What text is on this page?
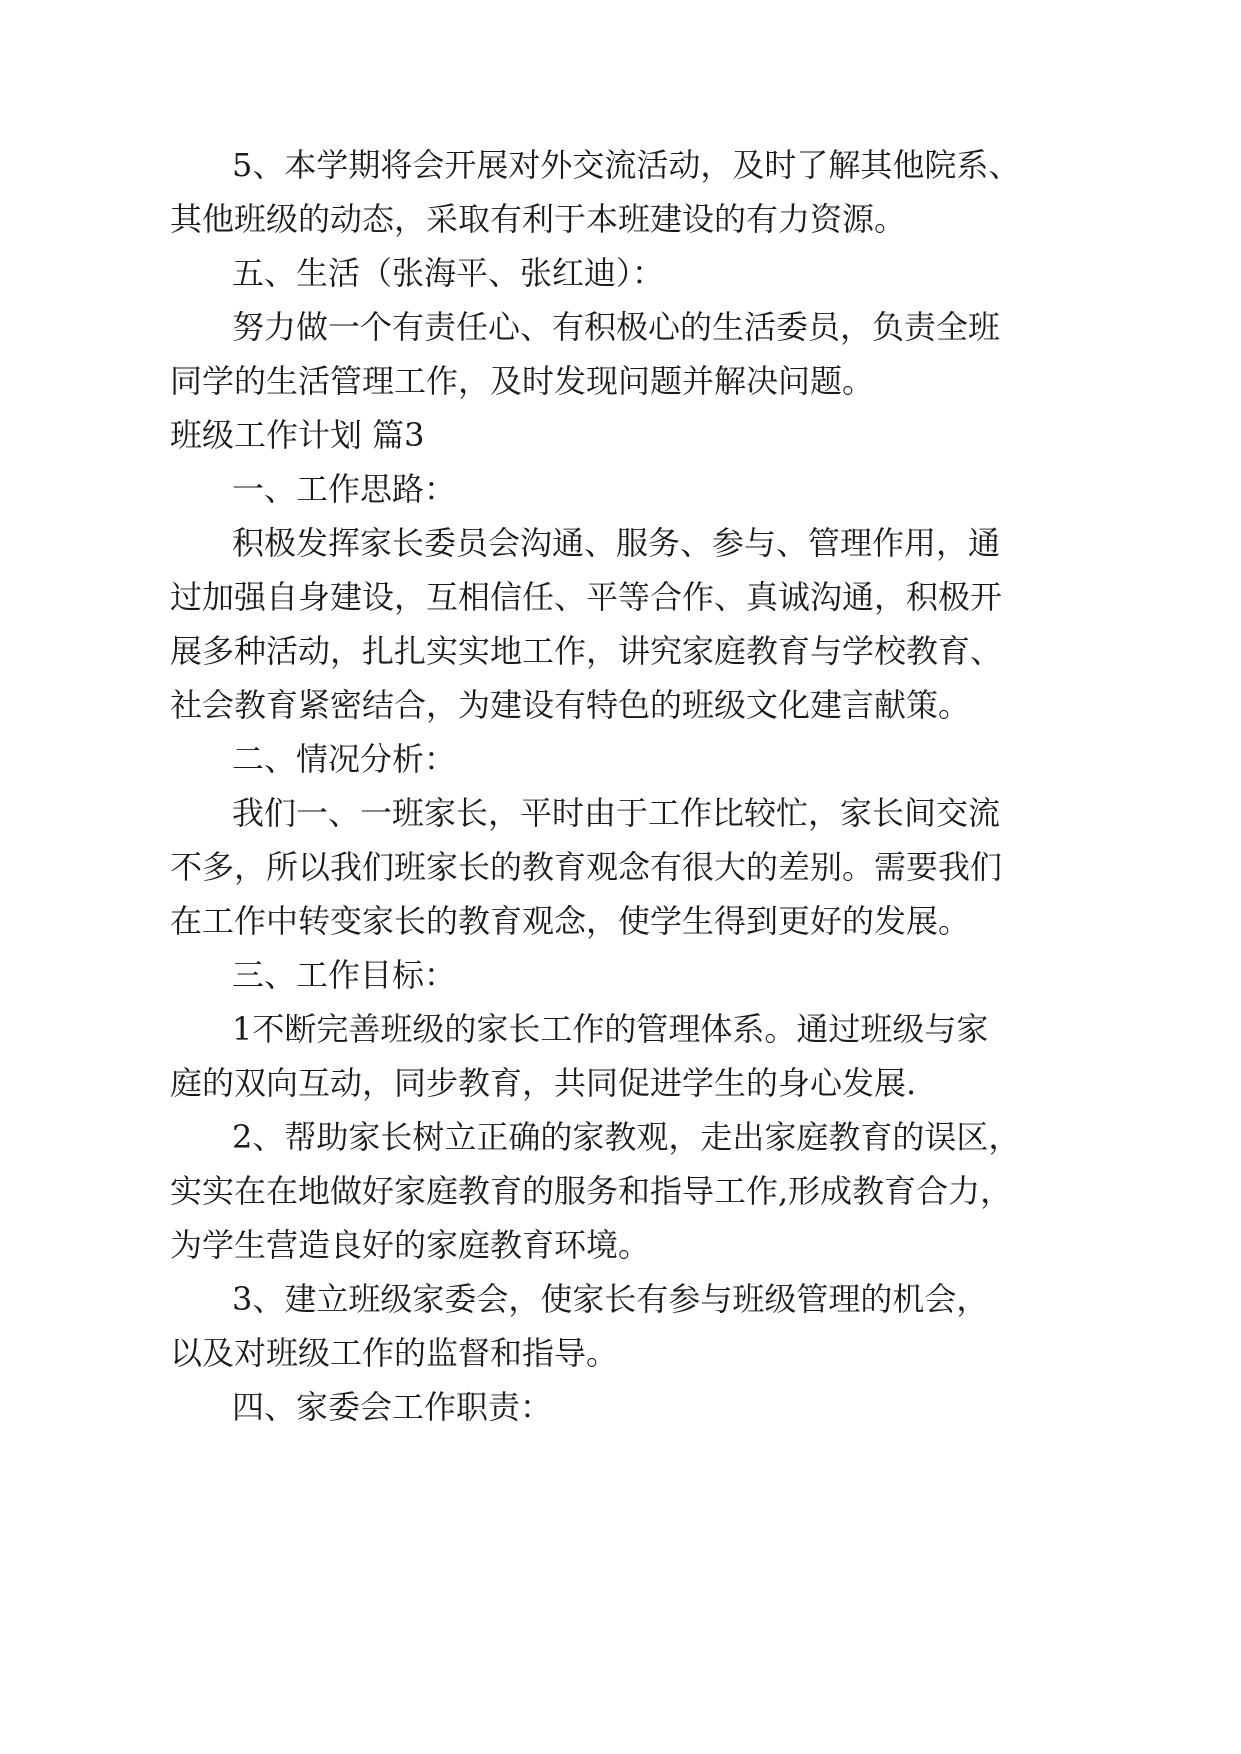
5、本学期将会开展对外交流活动，及时了解其他院系、
其他班级的动态，采取有利于本班建设的有力资源。
五、生活（张海平、张红迪）：
努力做一个有责任心、有积极心的生活委员，负责全班
同学的生活管理工作，及时发现问题并解决问题。
班级工作计划 篇3
一、工作思路：
积极发挥家长委员会沟通、服务、参与、管理作用，通
过加强自身建设，互相信任、平等合作、真诚沟通，积极开
展多种活动，扎扎实实地工作，讲究家庭教育与学校教育、
社会教育紧密结合，为建设有特色的班级文化建言献策。
二、情况分析：
我们一、一班家长，平时由于工作比较忙，家长间交流
不多，所以我们班家长的教育观念有很大的差别。需要我们
在工作中转变家长的教育观念，使学生得到更好的发展。
三、工作目标：
1不断完善班级的家长工作的管理体系。通过班级与家
庭的双向互动，同步教育，共同促进学生的身心发展.
2、帮助家长树立正确的家教观，走出家庭教育的误区，
实实在在地做好家庭教育的服务和指导工作,形成教育合力，
为学生营造良好的家庭教育环境。
3、建立班级家委会，使家长有参与班级管理的机会，
以及对班级工作的监督和指导。
四、家委会工作职责：
